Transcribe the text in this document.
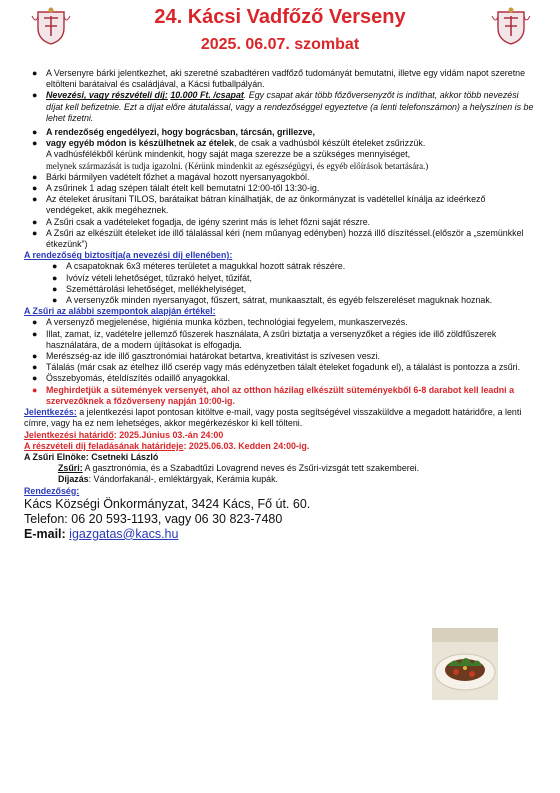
24. Kácsi Vadfőző Verseny
2025. 06.07. szombat

● A Versenyre bárki jelentkezhet, aki szeretné szabadtéren vadfőző tudományát bemutatni, illetve egy vidám napot szeretne eltölteni barátaival és családjával, a Kácsi futballpályán.

● Nevezési, vagy részvételi díj: 10.000 Ft. /csapat. Egy csapat akár több főzőversenyzőt is indíthat, akkor több nevezési díjat kell befizetnie. Ezt a díjat előre átutalással, vagy a rendezőséggel egyeztetve (a lenti telefonszámon) a helyszínen is be lehet fizetni.

● A rendezőség engedélyezi, hogy bográcsban, tárcsán, grillezve,

● vagy egyéb módon is készülhetnek az ételek, de csak a vadhúsból készült ételeket zsűrizzük.

A vadhúsfélékből kérünk mindenkit, hogy saját maga szerezze be a szükséges mennyiséget,
melynek származását is tudja igazolni. (Kérünk mindenkit az egészségügyi, és egyéb előírások betartására.)

● Bárki bármilyen vadételt főzhet a magával hozott nyersanyagokból.

● A zsűrinek 1 adag szépen tálalt ételt kell bemutatni 12:00-től 13:30-ig.

● Az ételeket árusítani TILOS, barátaikat bátran kínálhatják, de az önkormányzat is vadétellel kínálja az ideérkező vendégeket, akik megéheznek.

● A Zsűri csak a vadételeket fogadja, de igény szerint más is lehet főzni saját részre.

● A Zsűri az elkészült ételeket ide illő tálalással kéri (nem műanyag edényben) hozzá illő díszítéssel.(először a „szemünkkel étkezünk”)

A rendezőség biztosítja(a nevezési díj ellenében):

● A csapatoknak 6x3 méteres területet a magukkal hozott sátrak részére.

● Ivóvíz vételi lehetőséget, tűzrakó helyet, tűzifát,

● Szeméttárolási lehetőséget, mellékhelyiséget,

● A versenyzők minden nyersanyagot, fűszert, sátrat, munkaasztalt, és egyéb felszereléset maguknak hoznak.

A Zsűri az alábbi szempontok alapján értékel:

● A versenyző megjelenése, higiénia munka közben, technológiai fegyelem, munkaszervezés.

● Illat, zamat, íz, vadételre jellemző fűszerek használata, A zsűri biztatja a versenyzőket a régies ide illő zöldfűszerek használatára, de a modern újításokat is elfogadja.

● Merészség-az ide illő gasztronómiai határokat betartva, kreativitást is szívesen veszi.

● Tálalás (már csak az ételhez illő cserép vagy más edényzetben tálalt ételeket fogadunk el), a tálalást is pontozza a zsűri.

● Összebyomás, ételdíszítés odaillő anyagokkal.

● Meghirdetjük a sütemények versenyét, ahol az otthon házilag elkészült süteményekből 6-8 darabot kell leadni a szervezőknek a főzőverseny napján 10:00-ig.

Jelentkezés: a jelentkezési lapot pontosan kitöltve e-mail, vagy posta segítségével visszaküldve a megadott határidőre, a lenti címre, vagy ha ez nem lehetséges, akkor megérkezéskor ki kell tölteni.

Jelentkezési határidő: 2025.Június 03.-án 24:00

A részvételi díj feladásának határideje: 2025.06.03. Kedden 24:00-ig.

A Zsűri Elnöke: Csetneki László

Zsűri: A gasztronómia, és a Szabadtűzi Lovagrend neves és Zsűri-vizsgát tett szakemberei.

Díjazás: Vándorfakanál-, emléktárgyak, Kerámia kupák.

Rendezőség:

Kács Községi Önkormányzat, 3424 Kács, Fő út. 60.

Telefon: 06 20 593-1193, vagy 06 30 823-7480

E-mail: igazgatas@kacs.hu
